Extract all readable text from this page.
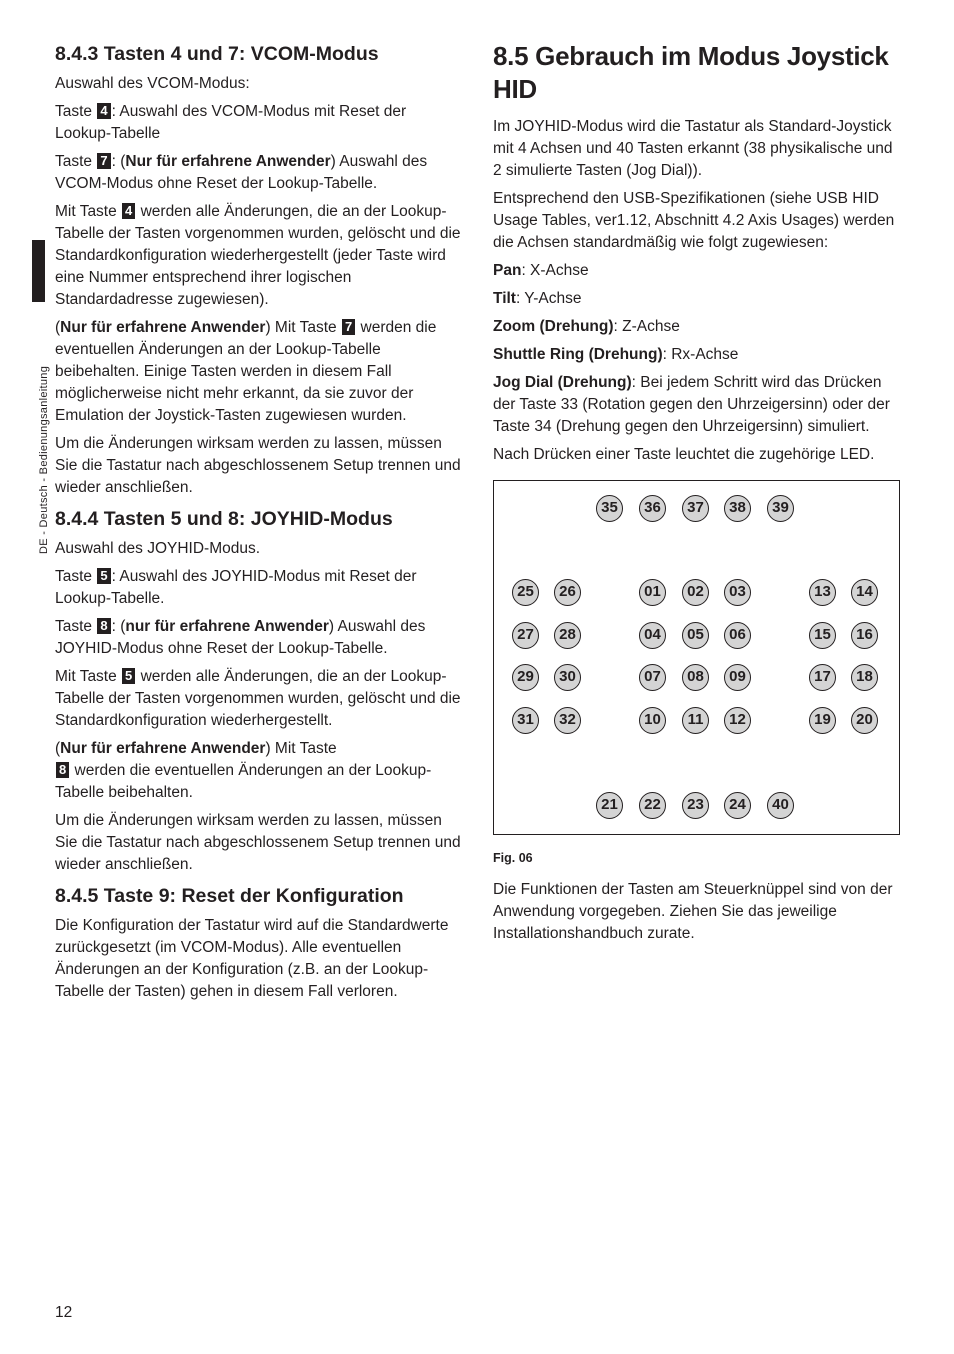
DE - Deutsch - Bedienungsanleitung
8.4.3 Tasten 4 und 7: VCOM-Modus

Auswahl des VCOM-Modus:

Taste 4 : Auswahl des VCOM-Modus mit Reset der Lookup-Tabelle

Taste 7 : (Nur für erfahrene Anwender) Auswahl des VCOM-Modus ohne Reset der Lookup-Tabelle.

Mit Taste 4 werden alle Änderungen, die an der Lookup-Tabelle der Tasten vorgenommen wurden, gelöscht und die Standardkonfiguration wiederhergestellt (jeder Taste wird eine Nummer entsprechend ihrer logischen Standardadresse zugewiesen).

(Nur für erfahrene Anwender) Mit Taste 7 werden die eventuellen Änderungen an der Lookup-Tabelle beibehalten. Einige Tasten werden in diesem Fall möglicherweise nicht mehr erkannt, da sie zuvor der Emulation der Joystick-Tasten zugewiesen wurden.

Um die Änderungen wirksam werden zu lassen, müssen Sie die Tastatur nach abgeschlossenem Setup trennen und wieder anschließen.

8.4.4 Tasten 5 und 8: JOYHID-Modus

Auswahl des JOYHID-Modus.

Taste 5 : Auswahl des JOYHID-Modus mit Reset der Lookup-Tabelle.

Taste 8 : (nur für erfahrene Anwender) Auswahl des JOYHID-Modus ohne Reset der Lookup-Tabelle.

Mit Taste 5 werden alle Änderungen, die an der Lookup-Tabelle der Tasten vorgenommen wurden, gelöscht und die Standardkonfiguration wiederhergestellt.

(Nur für erfahrene Anwender) Mit Taste
8 werden die eventuellen Änderungen an der Lookup-Tabelle beibehalten.

Um die Änderungen wirksam werden zu lassen, müssen Sie die Tastatur nach abgeschlossenem Setup trennen und wieder anschließen.

8.4.5 Taste 9: Reset der Konfiguration

Die Konfiguration der Tastatur wird auf die Standardwerte zurückgesetzt (im VCOM-Modus). Alle eventuellen Änderungen an der Konfiguration (z.B. an der Lookup-Tabelle der Tasten) gehen in diesem Fall verloren.

8.5 Gebrauch im Modus Joystick HID

Im JOYHID-Modus wird die Tastatur als Standard-Joystick mit 4 Achsen und 40 Tasten erkannt (38 physikalische und 2 simulierte Tasten (Jog Dial)).

Entsprechend den USB-Spezifikationen (siehe USB HID Usage Tables, ver1.12, Abschnitt 4.2 Axis Usages) werden die Achsen standardmäßig wie folgt zugewiesen:

Pan: X-Achse

Tilt: Y-Achse

Zoom (Drehung): Z-Achse

Shuttle Ring (Drehung): Rx-Achse

Jog Dial (Drehung): Bei jedem Schritt wird das Drücken der Taste 33 (Rotation gegen den Uhrzeigersinn) oder der Taste 34 (Drehung gegen den Uhrzeigersinn) simuliert.

Nach Drücken einer Taste leuchtet die zugehörige LED.

35	36	37	38	39
25	26	01	02	03	13	14
27	28	04	05	06	15	16
29	30	07	08	09	17	18
31	32	10	11	12	19	20
21	22	23	24	40
Fig. 06

Die Funktionen der Tasten am Steuerknüppel sind von der Anwendung vorgegeben. Ziehen Sie das jeweilige Installationshandbuch zurate.

12
